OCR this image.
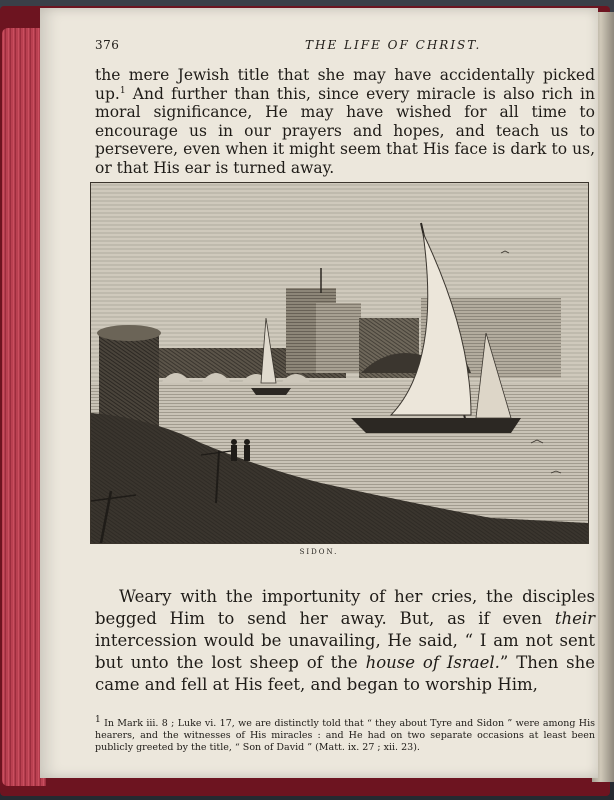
376	THE LIFE OF CHRIST.

the mere Jewish title that she may have accidentally picked up.$^1$ And further than this, since every miracle is also rich in moral significance, He may have wished for all time to encourage us in our prayers and hopes, and teach us to persevere, even when it might seem that His face is dark to us, or that His ear is turned away.

SIDON.

Weary with the importunity of her cries, the disciples begged Him to send her away. But, as if even their intercession would be unavailing, He said, “ I am not sent but unto the lost sheep of the house of Israel.” Then she came and fell at His feet, and began to worship Him,

1 In Mark iii. 8 ; Luke vi. 17, we are distinctly told that “ they about Tyre and Sidon ” were among His hearers, and the witnesses of His miracles : and He had on two separate occasions at least been publicly greeted by the title, “ Son of David ” (Matt. ix. 27 ; xii. 23).
